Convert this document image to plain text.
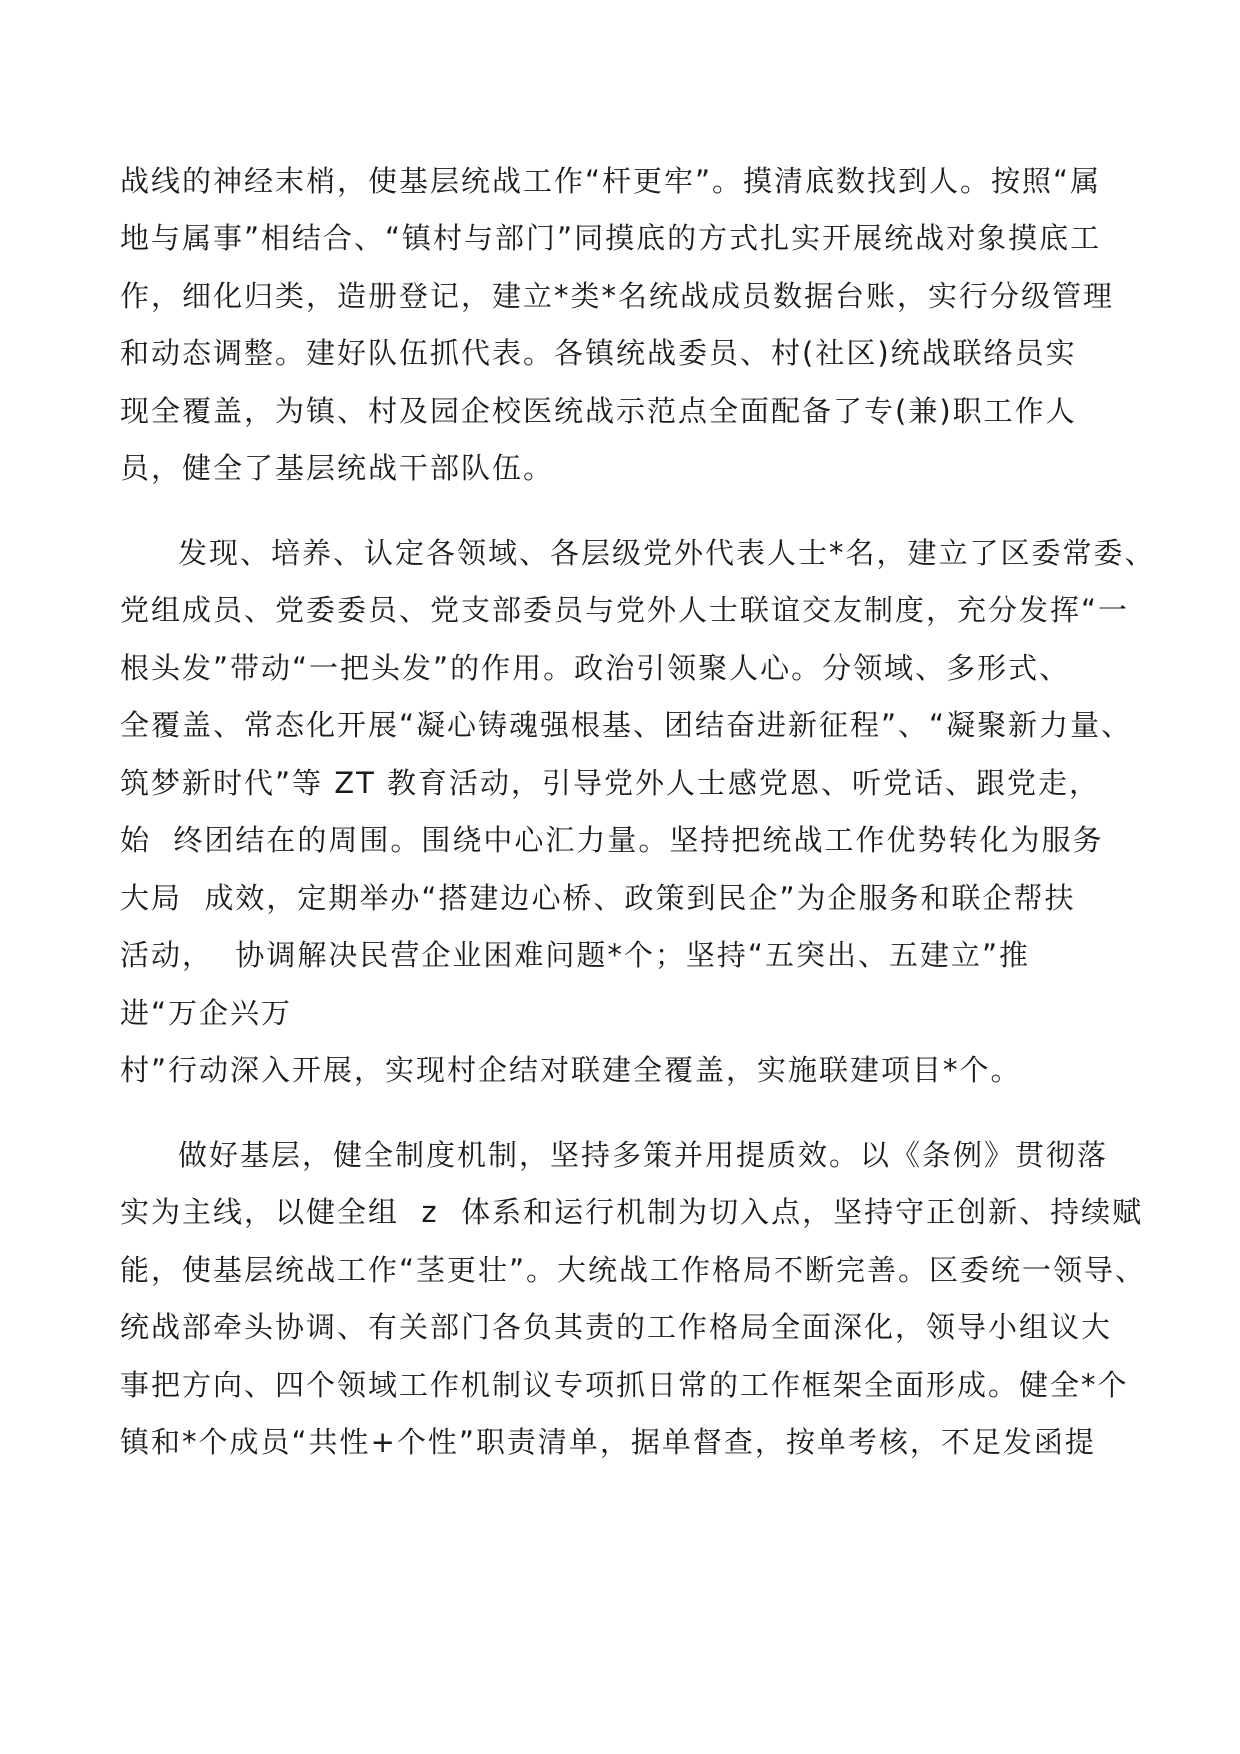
战线的神经末梢，使基层统战工作“杆更牢”。摸清底数找到人。按照“属

地与属事”相结合、“镇村与部门”同摸底的方式扎实开展统战对象摸底工

作，细化归类，造册登记，建立*类*名统战成员数据台账，实行分级管理

和动态调整。建好队伍抓代表。各镇统战委员、村(社区)统战联络员实

现全覆盖，为镇、村及园企校医统战示范点全面配备了专(兼)职工作人

员，健全了基层统战干部队伍。

发现、培养、认定各领域、各层级党外代表人士*名，建立了区委常委、

党组成员、党委委员、党支部委员与党外人士联谊交友制度，充分发挥“一

根头发”带动“一把头发”的作用。政治引领聚人心。分领域、多形式、

全覆盖、常态化开展“凝心铸魂强根基、团结奋进新征程”、“凝聚新力量、

筑梦新时代”等 ZT 教育活动，引导党外人士感党恩、听党话、跟党走，

始  终团结在的周围。围绕中心汇力量。坚持把统战工作优势转化为服务

大局  成效，定期举办“搭建边心桥、政策到民企”为企服务和联企帮扶

活动，  协调解决民营企业困难问题*个；坚持“五突出、五建立”推

进“万企兴万

村”行动深入开展，实现村企结对联建全覆盖，实施联建项目*个。

做好基层，健全制度机制，坚持多策并用提质效。以《条例》贯彻落

实为主线，以健全组  z  体系和运行机制为切入点，坚持守正创新、持续赋

能，使基层统战工作“茎更壮”。大统战工作格局不断完善。区委统一领导、

统战部牵头协调、有关部门各负其责的工作格局全面深化，领导小组议大

事把方向、四个领域工作机制议专项抓日常的工作框架全面形成。健全*个

镇和*个成员“共性+个性”职责清单，据单督查，按单考核，不足发函提
